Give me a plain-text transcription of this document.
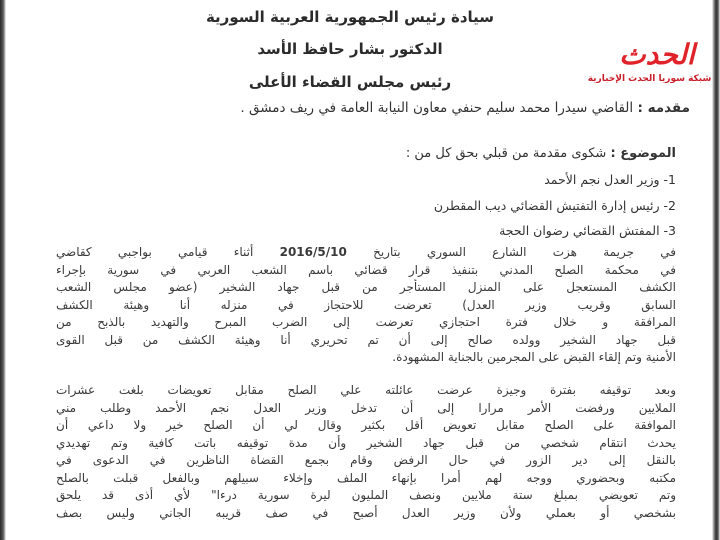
سيادة رئيس الجمهورية العربية السورية
الدكتور بشار حافظ الأسد
رئيس مجلس القضاء الأعلى
مقدمه : القاضي سيدرا محمد سليم حنفي معاون النيابة العامة في ريف دمشق .
الموضوع : شكوى مقدمة من قبلي بحق كل من :
1- وزير العدل نجم الأحمد
2- رئيس إدارة التفتيش القضائي ديب المقطرن
3- المفتش القضائي رضوان الحجة
في جريمة هزت الشارع السوري بتاريخ 2016/5/10 أثناء قيامي بواجبي كقاضي
في محكمة الصلح المدني بتنفيذ قرار قضائي باسم الشعب العربي في سورية بإجراء
الكشف المستعجل على المنزل المستأجر من قبل جهاد الشخير (عضو مجلس الشعب
السابق وقريب وزير العدل) تعرضت للاحتجاز في منزله أنا وهيئة الكشف
المرافقة و خلال فترة احتجازي تعرضت إلى الضرب المبرح والتهديد بالذبح من
قبل جهاد الشخير وولده صالح إلى أن تم تحريري أنا وهيئة الكشف من قبل القوى
الأمنية وتم إلقاء القبض على المجرمين بالجناية المشهودة.
وبعد توقيفه بفترة وجيزة عرضت عائلته علي الصلح مقابل تعويضات بلغت عشرات
الملايين ورفضت الأمر مرارا إلى أن تدخل وزير العدل نجم الأحمد وطلب مني
الموافقة على الصلح مقابل تعويض أقل بكثير وقال لي أن الصلح خير ولا داعي أن
يحدث انتقام شخصي من قبل جهاد الشخير وأن مدة توقيفه باتت كافية وتم تهديدي
بالنقل إلى دير الزور في حال الرفض وقام بجمع القضاة الناظرين في الدعوى في
مكتبه وبحضوري ووجه لهم أمرا بإنهاء الملف وإخلاء سبيلهم وبالفعل قبلت بالصلح
وتم تعويضي بمبلغ ستة ملايين ونصف المليون ليرة سورية درءا" لأي أذى قد يلحق
بشخصي أو بعملي ولأن وزير العدل أصبح في صف قريبه الجاني وليس بصف
الحدث
شبكة سوريا الحدث الإخبارية
